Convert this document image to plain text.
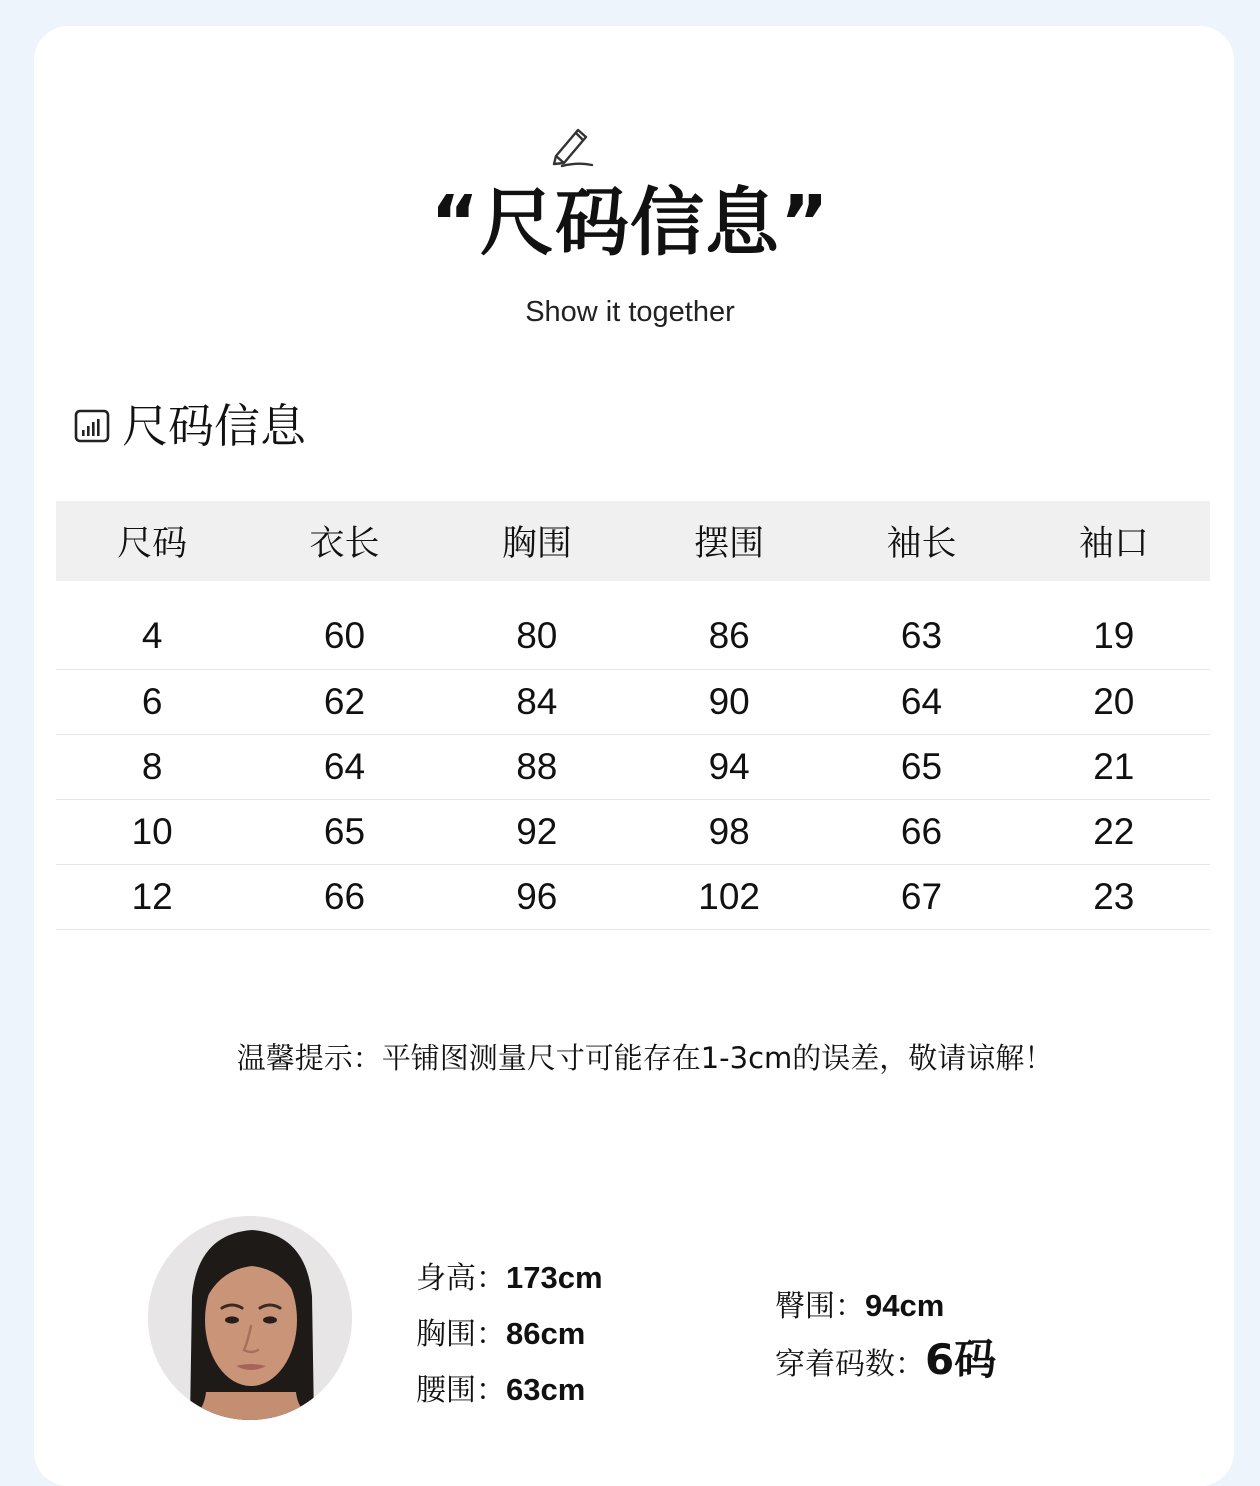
“尺码信息”
Show it together
尺码信息
尺码	衣长	胸围	摆围	袖长	袖口
4	60	80	86	63	19
6	62	84	90	64	20
8	64	88	94	65	21
10	65	92	98	66	22
12	66	96	102	67	23
温馨提示：平铺图测量尺寸可能存在1-3cm的误差，敬请谅解！
身高：173cm
胸围：86cm
腰围：63cm
臀围：94cm
穿着码数：6码
